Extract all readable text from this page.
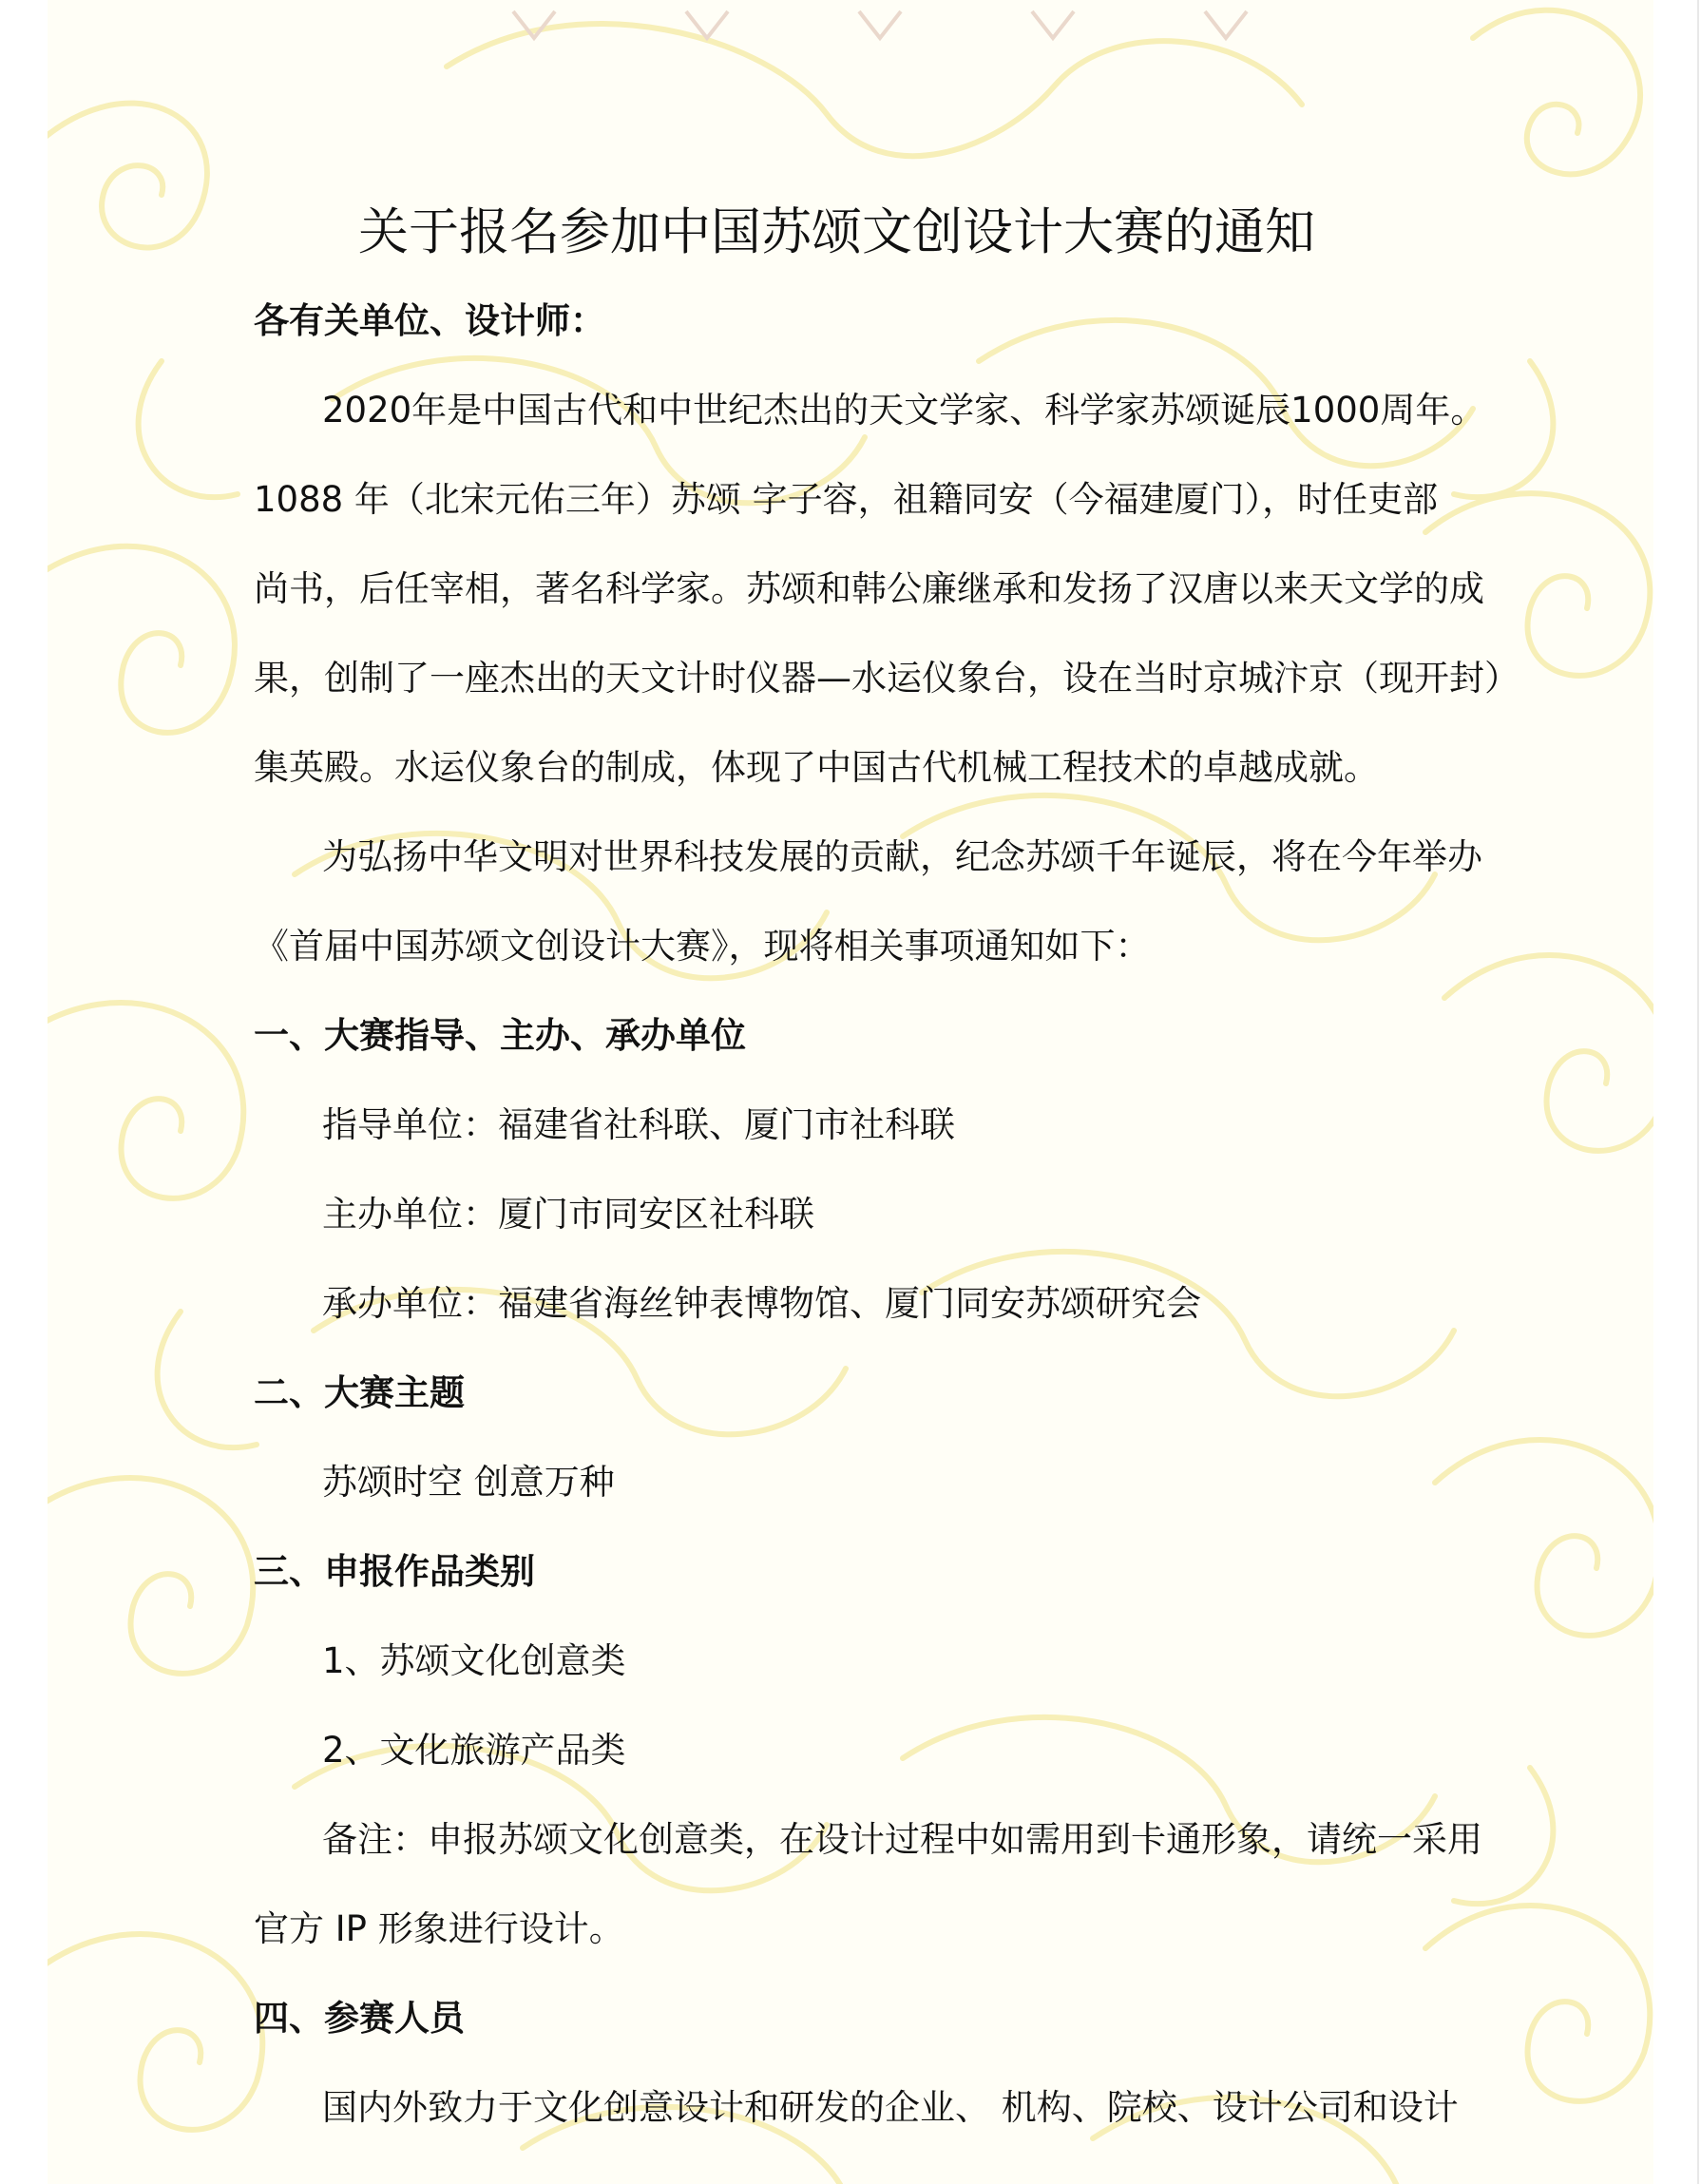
关于报名参加中国苏颂文创设计大赛的通知
各有关单位、设计师：
2020年是中国古代和中世纪杰出的天文学家、科学家苏颂诞辰1000周年。
1088 年（北宋元佑三年）苏颂 字子容，祖籍同安（今福建厦门），时任吏部
尚书，后任宰相，著名科学家。苏颂和韩公廉继承和发扬了汉唐以来天文学的成
果，创制了一座杰出的天文计时仪器—水运仪象台，设在当时京城汴京（现开封）
集英殿。水运仪象台的制成，体现了中国古代机械工程技术的卓越成就。
为弘扬中华文明对世界科技发展的贡献，纪念苏颂千年诞辰，将在今年举办
《首届中国苏颂文创设计大赛》，现将相关事项通知如下：
一、大赛指导、主办、承办单位
指导单位：福建省社科联、厦门市社科联
主办单位：厦门市同安区社科联
承办单位：福建省海丝钟表博物馆、厦门同安苏颂研究会
二、大赛主题
苏颂时空 创意万种
三、申报作品类别
1、苏颂文化创意类
2、文化旅游产品类
备注：申报苏颂文化创意类，在设计过程中如需用到卡通形象，请统一采用
官方 IP 形象进行设计。
四、参赛人员
国内外致力于文化创意设计和研发的企业、 机构、院校、设计公司和设计
